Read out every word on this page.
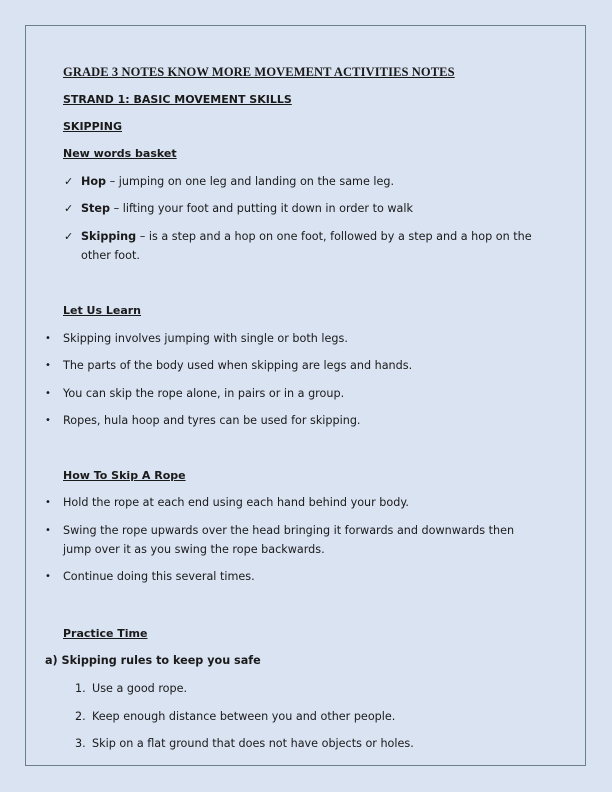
GRADE 3 NOTES KNOW MORE MOVEMENT ACTIVITIES NOTES
STRAND 1: BASIC MOVEMENT SKILLS
SKIPPING
New words basket
✓ Hop – jumping on one leg and landing on the same leg.
✓ Step – lifting your foot and putting it down in order to walk
✓ Skipping – is a step and a hop on one foot, followed by a step and a hop on the
other foot.
Let Us Learn
• Skipping involves jumping with single or both legs.
• The parts of the body used when skipping are legs and hands.
• You can skip the rope alone, in pairs or in a group.
• Ropes, hula hoop and tyres can be used for skipping.
How To Skip A Rope
• Hold the rope at each end using each hand behind your body.
• Swing the rope upwards over the head bringing it forwards and downwards then
jump over it as you swing the rope backwards.
• Continue doing this several times.
Practice Time
a) Skipping rules to keep you safe
1. Use a good rope.
2. Keep enough distance between you and other people.
3. Skip on a flat ground that does not have objects or holes.
